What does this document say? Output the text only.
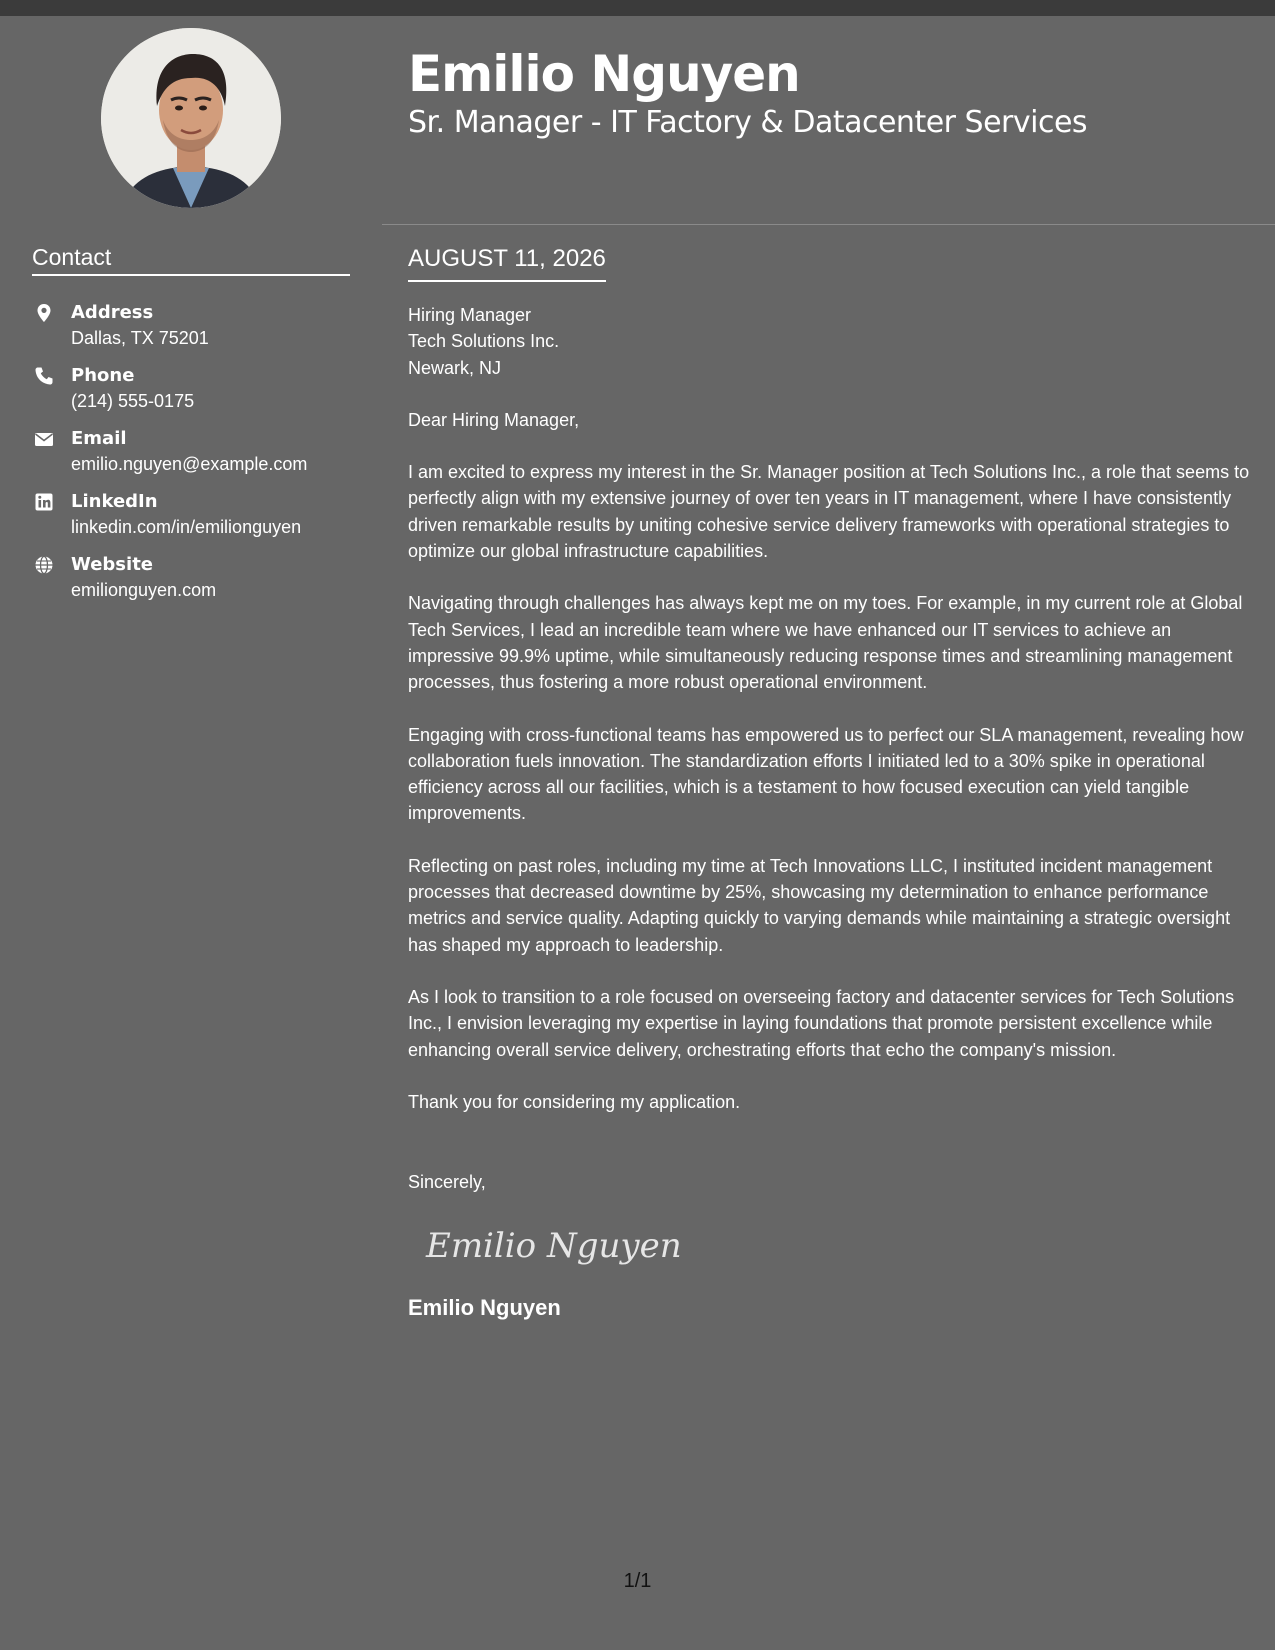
Contact
Address
Dallas, TX 75201
Phone
(214) 555-0175
Email
emilio.nguyen@example.com
LinkedIn
linkedin.com/in/emilionguyen
Website
emilionguyen.com
Emilio Nguyen
Sr. Manager - IT Factory & Datacenter Services
AUGUST 11, 2026
Hiring Manager
Tech Solutions Inc.
Newark, NJ
Dear Hiring Manager,

I am excited to express my interest in the Sr. Manager position at Tech Solutions Inc., a role that seems to perfectly align with my extensive journey of over ten years in IT management, where I have consistently driven remarkable results by uniting cohesive service delivery frameworks with operational strategies to optimize our global infrastructure capabilities.

Navigating through challenges has always kept me on my toes. For example, in my current role at Global Tech Services, I lead an incredible team where we have enhanced our IT services to achieve an impressive 99.9% uptime, while simultaneously reducing response times and streamlining management processes, thus fostering a more robust operational environment.

Engaging with cross-functional teams has empowered us to perfect our SLA management, revealing how collaboration fuels innovation. The standardization efforts I initiated led to a 30% spike in operational efficiency across all our facilities, which is a testament to how focused execution can yield tangible improvements.

Reflecting on past roles, including my time at Tech Innovations LLC, I instituted incident management processes that decreased downtime by 25%, showcasing my determination to enhance performance metrics and service quality. Adapting quickly to varying demands while maintaining a strategic oversight has shaped my approach to leadership.

As I look to transition to a role focused on overseeing factory and datacenter services for Tech Solutions Inc., I envision leveraging my expertise in laying foundations that promote persistent excellence while enhancing overall service delivery, orchestrating efforts that echo the company's mission.

Thank you for considering my application.

Sincerely,
Emilio Nguyen
Emilio Nguyen
1/1
